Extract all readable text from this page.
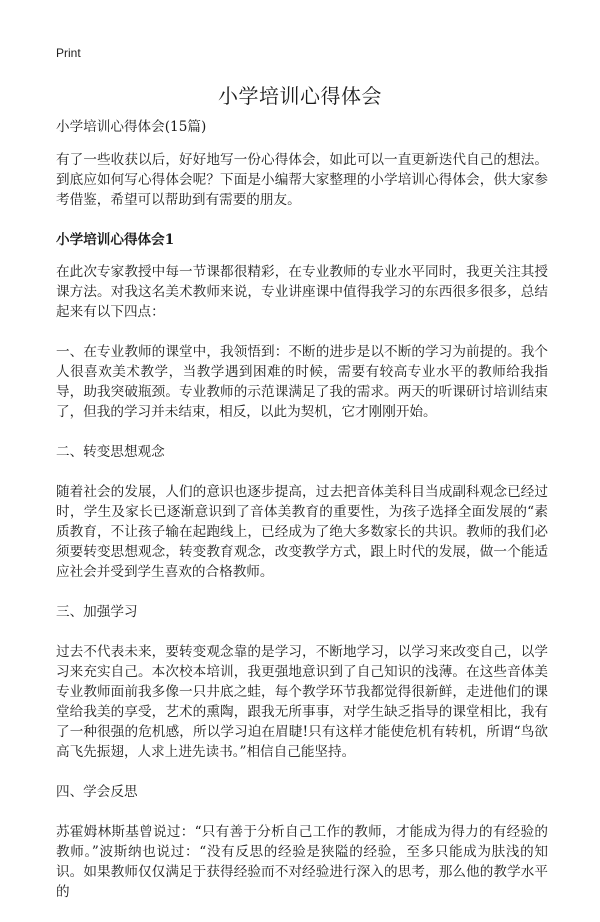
Print
小学培训心得体会

小学培训心得体会(15篇)

有了一些收获以后，好好地写一份心得体会，如此可以一直更新迭代自己的想法。到底应如何写心得体会呢？下面是小编帮大家整理的小学培训心得体会，供大家参考借鉴，希望可以帮助到有需要的朋友。

小学培训心得体会1

在此次专家教授中每一节课都很精彩，在专业教师的专业水平同时，我更关注其授课方法。对我这名美术教师来说，专业讲座课中值得我学习的东西很多很多，总结起来有以下四点：

一、在专业教师的课堂中，我领悟到：不断的进步是以不断的学习为前提的。我个人很喜欢美术教学，当教学遇到困难的时候，需要有较高专业水平的教师给我指导，助我突破瓶颈。专业教师的示范课满足了我的需求。两天的听课研讨培训结束了，但我的学习并未结束，相反，以此为契机，它才刚刚开始。

二、转变思想观念

随着社会的发展，人们的意识也逐步提高，过去把音体美科目当成副科观念已经过时，学生及家长已逐渐意识到了音体美教育的重要性，为孩子选择全面发展的“素质教育，不让孩子输在起跑线上，已经成为了绝大多数家长的共识。教师的我们必须要转变思想观念，转变教育观念，改变教学方式，跟上时代的发展，做一个能适应社会并受到学生喜欢的合格教师。

三、加强学习

过去不代表未来，要转变观念靠的是学习，不断地学习，以学习来改变自己，以学习来充实自己。本次校本培训，我更强地意识到了自己知识的浅薄。在这些音体美专业教师面前我多像一只井底之蛙，每个教学环节我都觉得很新鲜，走进他们的课堂给我美的享受，艺术的熏陶，跟我无所事事，对学生缺乏指导的课堂相比，我有了一种很强的危机感，所以学习迫在眉睫!只有这样才能使危机有转机，所谓“鸟欲高飞先振翅，人求上进先读书。”相信自己能坚持。

四、学会反思

苏霍姆林斯基曾说过：“只有善于分析自己工作的教师，才能成为得力的有经验的教师。”波斯纳也说过：“没有反思的经验是狭隘的经验，至多只能成为肤浅的知识。如果教师仅仅满足于获得经验而不对经验进行深入的思考，那么他的教学水平的
